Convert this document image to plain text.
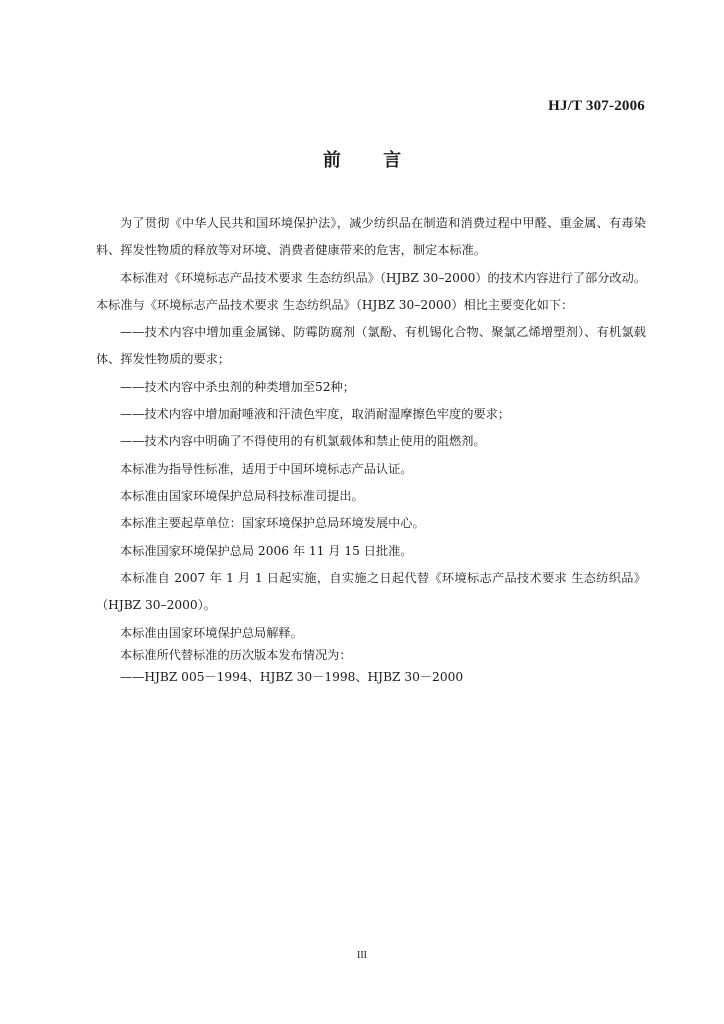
HJ/T 307-2006
前 言

为了贯彻《中华人民共和国环境保护法》，减少纺织品在制造和消费过程中甲醛、重金属、有毒染料、挥发性物质的释放等对环境、消费者健康带来的危害，制定本标准。

本标准对《环境标志产品技术要求 生态纺织品》（HJBZ 30–2000）的技术内容进行了部分改动。本标准与《环境标志产品技术要求 生态纺织品》（HJBZ 30–2000）相比主要变化如下：

——技术内容中增加重金属锑、防霉防腐剂（氯酚、有机锡化合物、聚氯乙烯增塑剂）、有机氯载体、挥发性物质的要求；

——技术内容中杀虫剂的种类增加至52种；

——技术内容中增加耐唾液和汗渍色牢度，取消耐湿摩擦色牢度的要求；

——技术内容中明确了不得使用的有机氯载体和禁止使用的阻燃剂。

本标准为指导性标准，适用于中国环境标志产品认证。

本标准由国家环境保护总局科技标准司提出。

本标准主要起草单位：国家环境保护总局环境发展中心。

本标准国家环境保护总局 2006 年 11 月 15 日批准。

本标准自 2007 年 1 月 1 日起实施，自实施之日起代替《环境标志产品技术要求 生态纺织品》（HJBZ 30–2000）。

本标准由国家环境保护总局解释。

本标准所代替标准的历次版本发布情况为：

——HJBZ 005－1994、HJBZ 30－1998、HJBZ 30－2000

III
